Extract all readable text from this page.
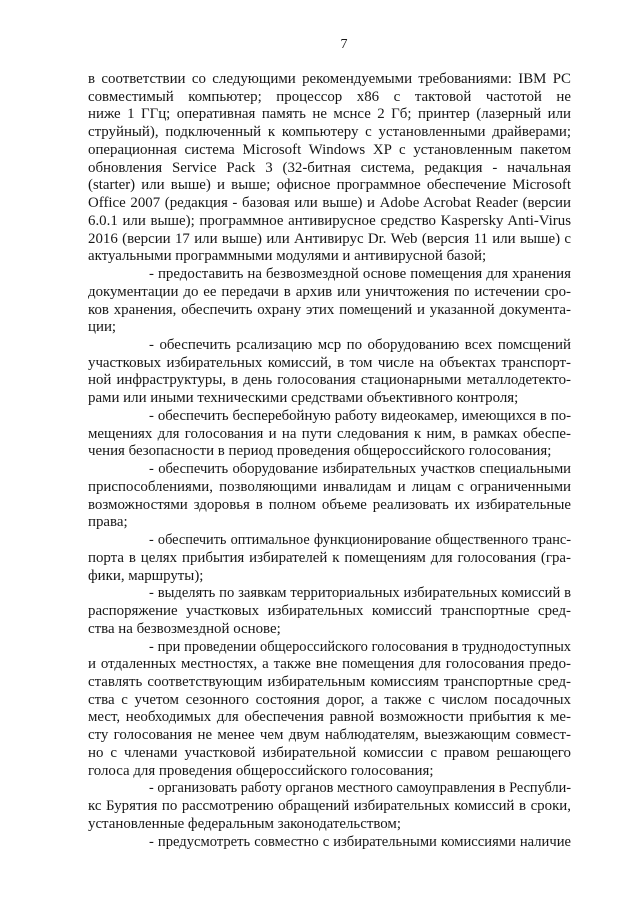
7
в соответствии со следующими рекомендуемыми требованиями: IBM PC
совместимый компьютер; процессор x86 с тактовой частотой не
ниже 1 ГГц; оперативная память не мснсе 2 Гб; принтер (лазерный или
струйный), подключенный к компьютеру с установленными драйверами;
операционная система Microsoft Windows XP с установленным пакетом
обновления Service Pack 3 (32-битная система, редакция - начальная
(starter) или выше) и выше; офисное программное обеспечение Microsoft
Office 2007 (редакция - базовая или выше) и Adobe Acrobat Reader (версии
6.0.1 или выше); программное антивирусное средство Kaspersky Anti-Virus
2016 (версии 17 или выше) или Антивирус Dr. Web (версия 11 или выше) с
актуальными программными модулями и антивирусной базой;
- предоставить на безвозмездной основе помещения для хранения
документации до ее передачи в архив или уничтожения по истечении сро-
ков хранения, обеспечить охрану этих помещений и указанной документа-
ции;
- обеспечить рсализацию мср по оборудованию всех помсщений
участковых избирательных комиссий, в том числе на объектах транспорт-
ной инфраструктуры, в день голосования стационарными металлодетекто-
рами или иными техническими средствами объективного контроля;
- обеспечить бесперебойную работу видеокамер, имеющихся в по-
мещениях для голосования и на пути следования к ним, в рамках обеспе-
чения безопасности в период проведения общероссийского голосования;
- обеспечить оборудование избирательных участков специальными
приспособлениями, позволяющими инвалидам и лицам с ограниченными
возможностями здоровья в полном объеме реализовать их избирательные
права;
- обеспечить оптимальное функционирование общественного транс-
порта в целях прибытия избирателей к помещениям для голосования (гра-
фики, маршруты);
- выделять по заявкам территориальных избирательных комиссий в
распоряжение участковых избирательных комиссий транспортные сред-
ства на безвозмездной основе;
- при проведении общероссийского голосования в труднодоступных
и отдаленных местностях, а также вне помещения для голосования предо-
ставлять соответствующим избирательным комиссиям транспортные сред-
ства с учетом сезонного состояния дорог, а также с числом посадочных
мест, необходимых для обеспечения равной возможности прибытия к ме-
сту голосования не менее чем двум наблюдателям, выезжающим совмест-
но с членами участковой избирательной комиссии с правом решающего
голоса для проведения общероссийского голосования;
- организовать работу органов местного самоуправления в Республи-
кс Бурятия по рассмотрению обращений избирательных комиссий в сроки,
установленные федеральным законодательством;
- предусмотреть совместно с избирательными комиссиями наличие
